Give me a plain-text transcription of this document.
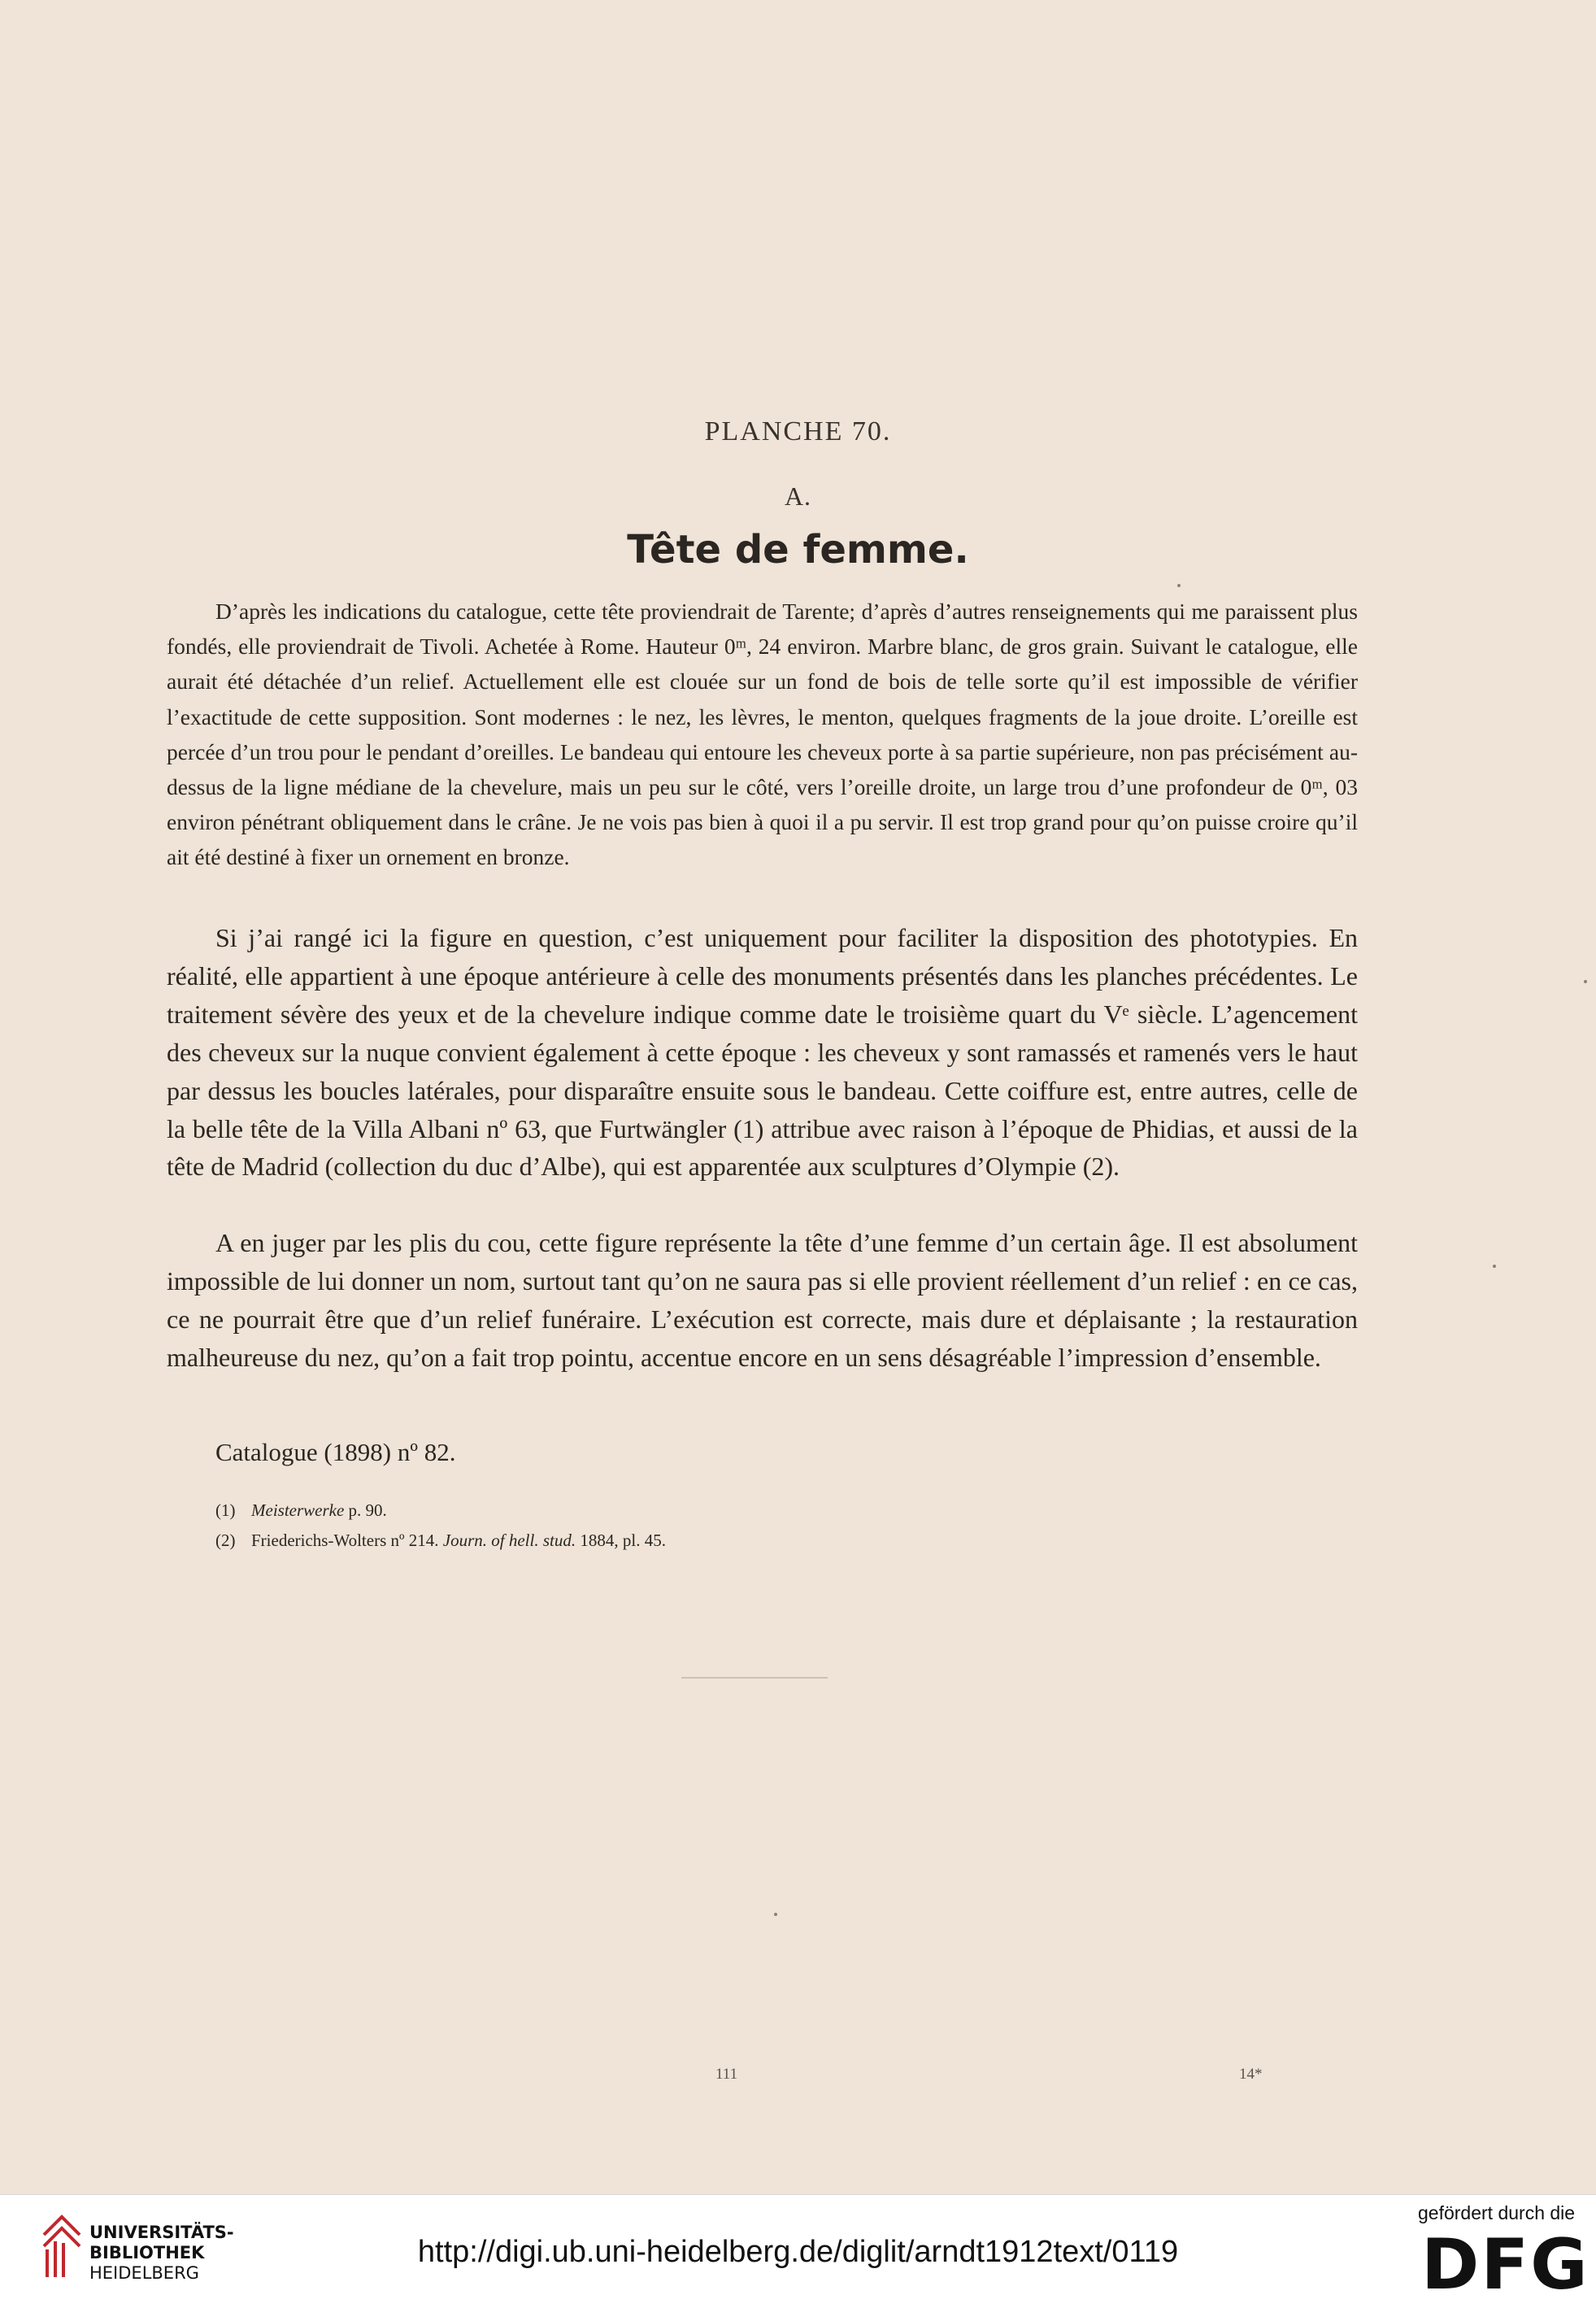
PLANCHE 70.
A.
Tête de femme.
D’après les indications du catalogue, cette tête proviendrait de Tarente; d’après d’autres renseignements qui me paraissent plus fondés, elle proviendrait de Tivoli. Achetée à Rome. Hauteur 0ᵐ, 24 environ. Marbre blanc, de gros grain. Suivant le catalogue, elle aurait été détachée d’un relief. Actuellement elle est clouée sur un fond de bois de telle sorte qu’il est impossible de vérifier l’exactitude de cette supposition. Sont modernes : le nez, les lèvres, le menton, quelques fragments de la joue droite. L’oreille est percée d’un trou pour le pendant d’oreilles. Le bandeau qui entoure les cheveux porte à sa partie supérieure, non pas précisément au-dessus de la ligne médiane de la chevelure, mais un peu sur le côté, vers l’oreille droite, un large trou d’une profondeur de 0ᵐ, 03 environ pénétrant obliquement dans le crâne. Je ne vois pas bien à quoi il a pu servir. Il est trop grand pour qu’on puisse croire qu’il ait été destiné à fixer un ornement en bronze.
Si j’ai rangé ici la figure en question, c’est uniquement pour faciliter la disposition des phototypies. En réalité, elle appartient à une époque antérieure à celle des monuments présentés dans les planches précédentes. Le traitement sévère des yeux et de la chevelure indique comme date le troisième quart du Vᵉ siècle. L’agencement des cheveux sur la nuque convient également à cette époque : les cheveux y sont ramassés et ramenés vers le haut par dessus les boucles latérales, pour disparaître ensuite sous le bandeau. Cette coiffure est, entre autres, celle de la belle tête de la Villa Albani nº 63, que Furtwängler (1) attribue avec raison à l’époque de Phidias, et aussi de la tête de Madrid (collection du duc d’Albe), qui est apparentée aux sculptures d’Olympie (2).
A en juger par les plis du cou, cette figure représente la tête d’une femme d’un certain âge. Il est absolument impossible de lui donner un nom, surtout tant qu’on ne saura pas si elle provient réellement d’un relief : en ce cas, ce ne pourrait être que d’un relief funéraire. L’exécution est correcte, mais dure et déplaisante ; la restauration malheureuse du nez, qu’on a fait trop pointu, accentue encore en un sens désagréable l’impression d’ensemble.
Catalogue (1898) nº 82.
(1) Meisterwerke p. 90.
(2) Friederichs-Wolters nº 214. Journ. of hell. stud. 1884, pl. 45.
111	14*
UNIVERSITÄTS-
BIBLIOTHEK
HEIDELBERG
http://digi.ub.uni-heidelberg.de/diglit/arndt1912text/0119
gefördert durch die
DFG
